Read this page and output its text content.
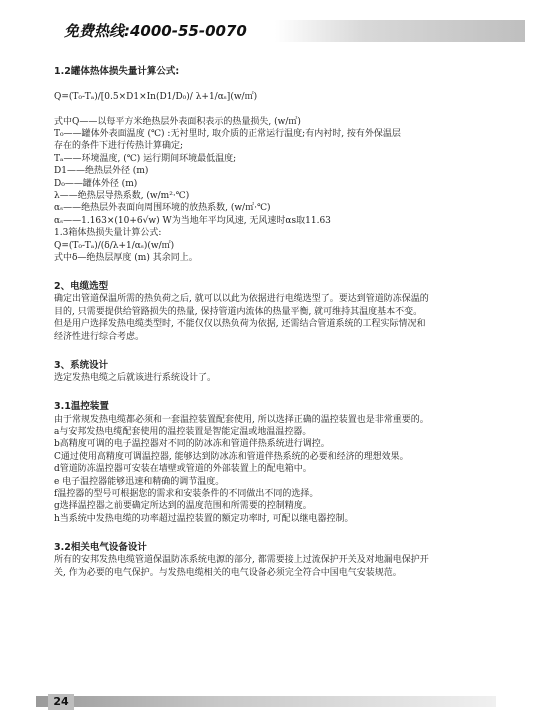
免费热线:4000-55-0070

1.2罐体热体损失量计算公式:

Q=(T₀-Tₐ)/[0.5×D1×In(D1/D₀)/ λ+1/αₛ](w/㎡)

式中Q——以每平方米绝热层外表面积表示的热量损失, (w/㎡)

T₀——罐体外表面温度 (℃) :无衬里时, 取介质的正常运行温度;有内衬时, 按有外保温层

存在的条件下进行传热计算确定;

Tₐ——环境温度, (℃) 运行期间环境最低温度;

D1——绝热层外径 (m)

D₀——罐体外径 (m)

λ——绝热层导热系数, (w/m²·℃)

αₛ——绝热层外表面向周围环境的放热系数, (w/㎡·℃)

αₛ——1.163×(10+6√w) W为当地年平均风速, 无风速时αs取11.63

1.3箱体热损失量计算公式:

Q=(T₀-Tₐ)/(δ/λ+1/αₛ)(w/㎡)

式中δ—绝热层厚度 (m) 其余同上。

2、电缆选型

确定出管道保温所需的热负荷之后, 就可以以此为依据进行电缆选型了。要达到管道防冻保温的

目的, 只需要提供给管路损失的热量, 保持管道内流体的热量平衡, 就可维持其温度基本不变。

但是用户选择发热电缆类型时, 不能仅仅以热负荷为依据, 还需结合管道系统的工程实际情况和

经济性进行综合考虑。

3、系统设计

选定发热电缆之后就该进行系统设计了。

3.1温控装置

由于常规发热电缆都必须和一套温控装置配套使用, 所以选择正确的温控装置也是非常重要的。

a与安邦发热电缆配套使用的温控装置是智能定温或地温温控器。

b高精度可调的电子温控器对不同的防冰冻和管道伴热系统进行调控。

C通过使用高精度可调温控器, 能够达到防冰冻和管道伴热系统的必要和经济的理想效果。

d管道防冻温控器可安装在墙壁或管道的外部装置上的配电箱中。

e 电子温控器能够迅速和精确的调节温度。

f温控器的型号可根据您的需求和安装条件的不同做出不同的选择。

g选择温控器之前要确定所达到的温度范围和所需要的控制精度。

h当系统中发热电缆的功率超过温控装置的额定功率时, 可配以继电器控制。

3.2相关电气设备设计

所有的安邦发热电缆管道保温防冻系统电源的部分, 都需要接上过流保护开关及对地漏电保护开

关, 作为必要的电气保护。与发热电缆相关的电气设备必须完全符合中国电气安装规范。

24
